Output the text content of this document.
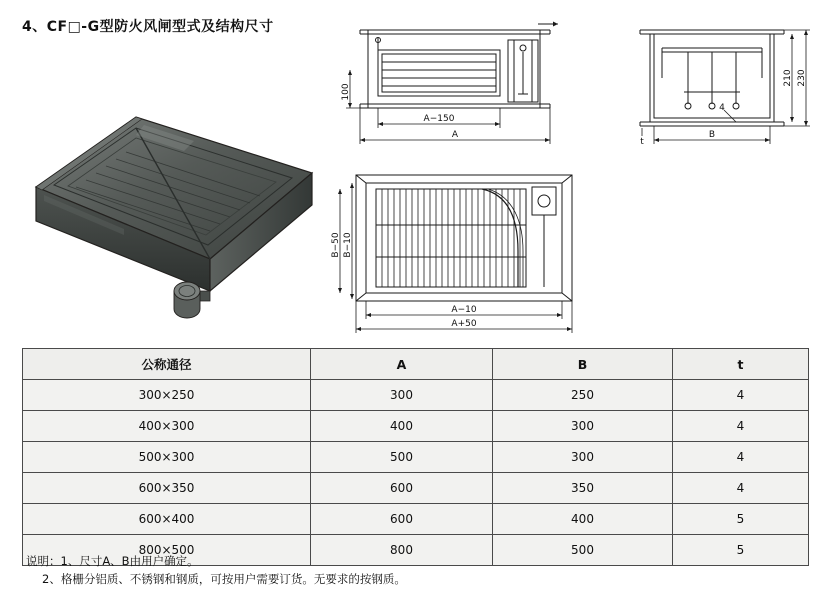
4、CF□-G型防火风闸型式及结构尺寸
100
A−150
A
210 230
4
t
B
B−50 B−10
A−10
A+50
公称通径	A	B	t
300×250	300	250	4
400×300	400	300	4
500×300	500	300	4
600×350	600	350	4
600×400	600	400	5
800×500	800	500	5
说明：1、尺寸A、B由用户确定。
2、格栅分铝质、不锈钢和钢质，可按用户需要订货。无要求的按钢质。
